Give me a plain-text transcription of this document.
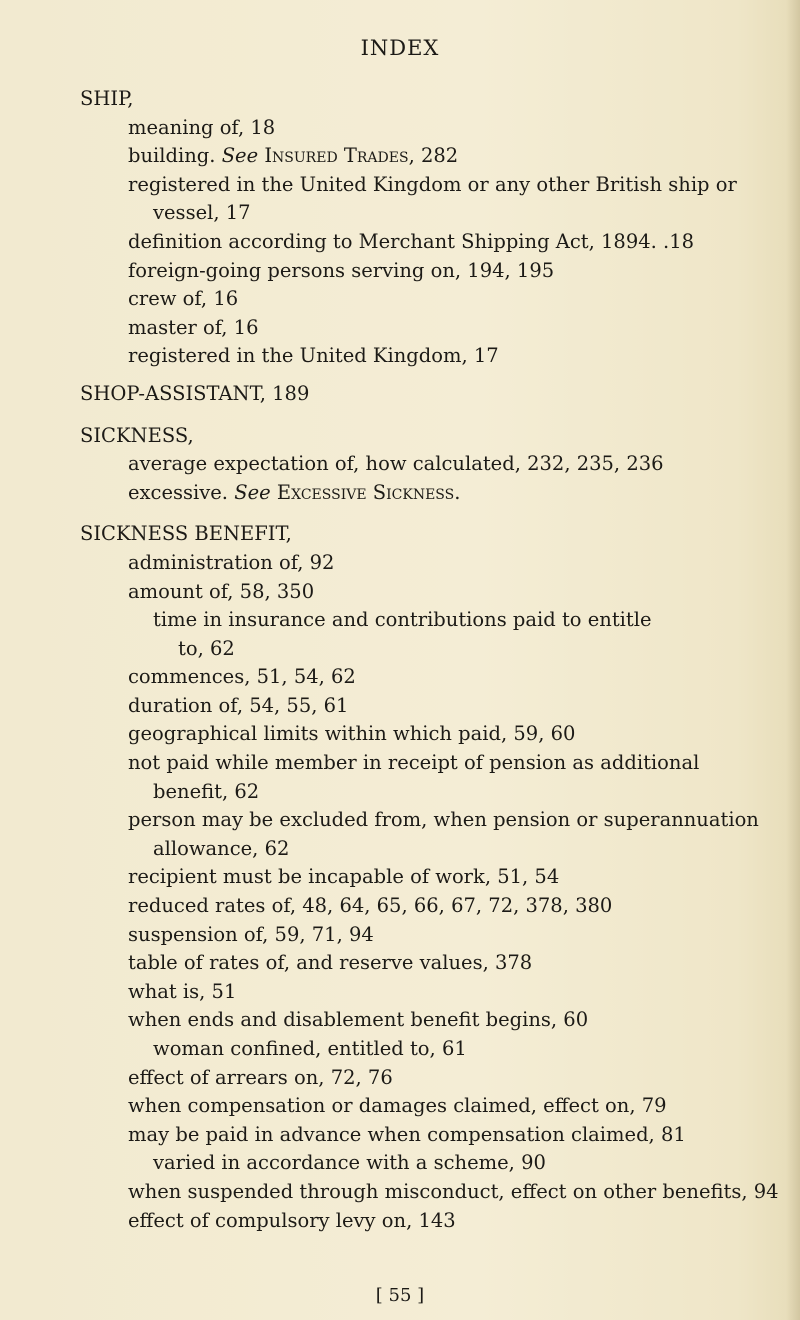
INDEX
SHIP,
meaning of, 18
building. See Insured Trades, 282
registered in the United Kingdom or any other British ship or
vessel, 17
definition according to Merchant Shipping Act, 1894. .18
foreign-going persons serving on, 194, 195
crew of, 16
master of, 16
registered in the United Kingdom, 17
SHOP-ASSISTANT, 189
SICKNESS,
average expectation of, how calculated, 232, 235, 236
excessive. See Excessive Sickness.
SICKNESS BENEFIT,
administration of, 92
amount of, 58, 350
time in insurance and contributions paid to entitle
to, 62
commences, 51, 54, 62
duration of, 54, 55, 61
geographical limits within which paid, 59, 60
not paid while member in receipt of pension as additional
benefit, 62
person may be excluded from, when pension or superannuation
allowance, 62
recipient must be incapable of work, 51, 54
reduced rates of, 48, 64, 65, 66, 67, 72, 378, 380
suspension of, 59, 71, 94
table of rates of, and reserve values, 378
what is, 51
when ends and disablement benefit begins, 60
woman confined, entitled to, 61
effect of arrears on, 72, 76
when compensation or damages claimed, effect on, 79
may be paid in advance when compensation claimed, 81
varied in accordance with a scheme, 90
when suspended through misconduct, effect on other benefits, 94
effect of compulsory levy on, 143
[ 55 ]
